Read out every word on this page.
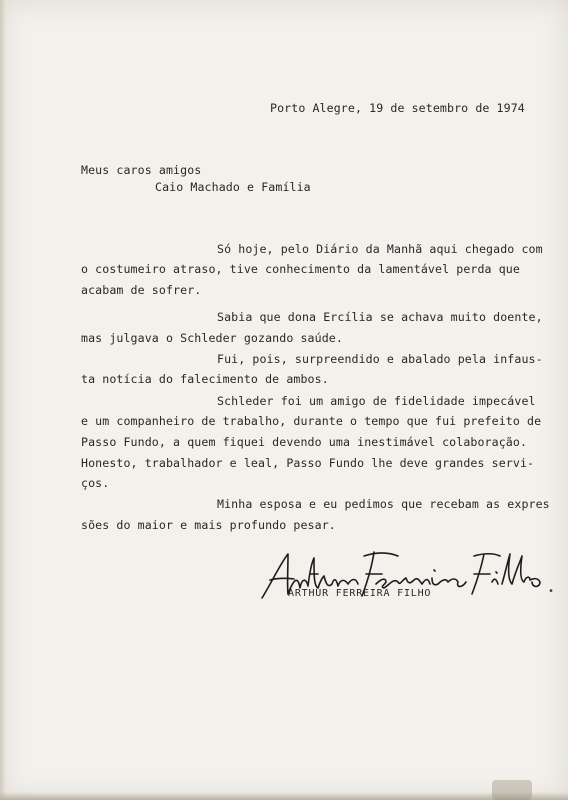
Porto Alegre, 19 de setembro de 1974
Meus caros amigos
Caio Machado e Família
Só hoje, pelo Diário da Manhã aqui chegado com
o costumeiro atraso, tive conhecimento da lamentável perda que
acabam de sofrer.
Sabia que dona Ercília se achava muito doente,
mas julgava o Schleder gozando saúde.
Fui, pois, surpreendido e abalado pela infaus-
ta notícia do falecimento de ambos.
Schleder foi um amigo de fidelidade impecável
e um companheiro de trabalho, durante o tempo que fui prefeito de
Passo Fundo, a quem fiquei devendo uma inestimável colaboração.
Honesto, trabalhador e leal, Passo Fundo lhe deve grandes servi-
ços.
Minha esposa e eu pedimos que recebam as expres
sões do maior e mais profundo pesar.
ARTHUR FERREIRA FILHO	•
